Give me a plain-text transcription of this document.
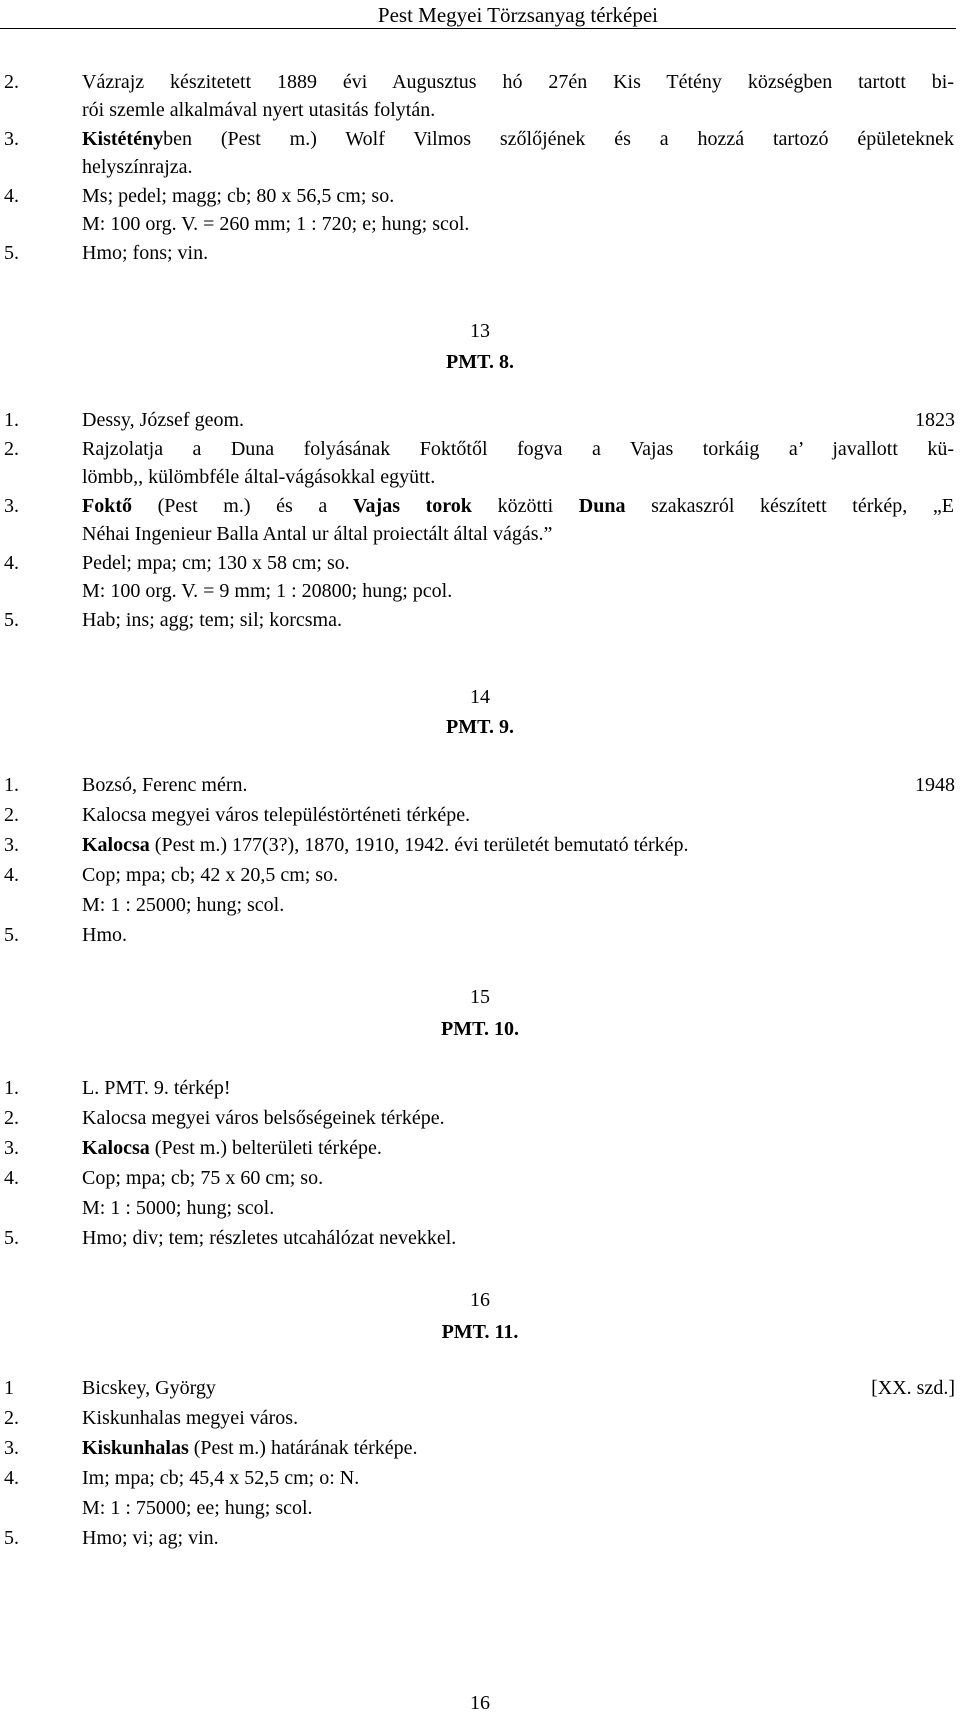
Pest Megyei Törzsanyag térképei
2.	Vázrajz készitetett 1889 évi Augusztus hó 27én Kis Tétény községben tartott bi-
rói szemle alkalmával nyert utasitás folytán.
3.	Kistétényben (Pest m.) Wolf Vilmos szőlőjének és a hozzá tartozó épületeknek
helyszínrajza.
4.	Ms; pedel; magg; cb; 80 x 56,5 cm; so.
M: 100 org. V. = 260 mm; 1 : 720; e; hung; scol.
5.	Hmo; fons; vin.
13
PMT. 8.
1.	Dessy, József geom.	1823
2.	Rajzolatja a Duna folyásának Foktőtől fogva a Vajas torkáig a’ javallott kü-
lömbb,, külömbféle által-vágásokkal együtt.
3.	Foktő (Pest m.) és a Vajas torok közötti Duna szakaszról készített térkép, „E
Néhai Ingenieur Balla Antal ur által proiectált által vágás.”
4.	Pedel; mpa; cm; 130 x 58 cm; so.
M: 100 org. V. = 9 mm; 1 : 20800; hung; pcol.
5.	Hab; ins; agg; tem; sil; korcsma.
14
PMT. 9.
1.	Bozsó, Ferenc mérn.	1948
2.	Kalocsa megyei város településtörténeti térképe.
3.	Kalocsa (Pest m.) 177(3?), 1870, 1910, 1942. évi területét bemutató térkép.
4.	Cop; mpa; cb; 42 x 20,5 cm; so.
M: 1 : 25000; hung; scol.
5.	Hmo.
15
PMT. 10.
1.	L. PMT. 9. térkép!
2.	Kalocsa megyei város belsőségeinek térképe.
3.	Kalocsa (Pest m.) belterületi térképe.
4.	Cop; mpa; cb; 75 x 60 cm; so.
M: 1 : 5000; hung; scol.
5.	Hmo; div; tem; részletes utcahálózat nevekkel.
16
PMT. 11.
1	Bicskey, György	[XX. szd.]
2.	Kiskunhalas megyei város.
3.	Kiskunhalas (Pest m.) határának térképe.
4.	Im; mpa; cb; 45,4 x 52,5 cm; o: N.
M: 1 : 75000; ee; hung; scol.
5.	Hmo; vi; ag; vin.
16
